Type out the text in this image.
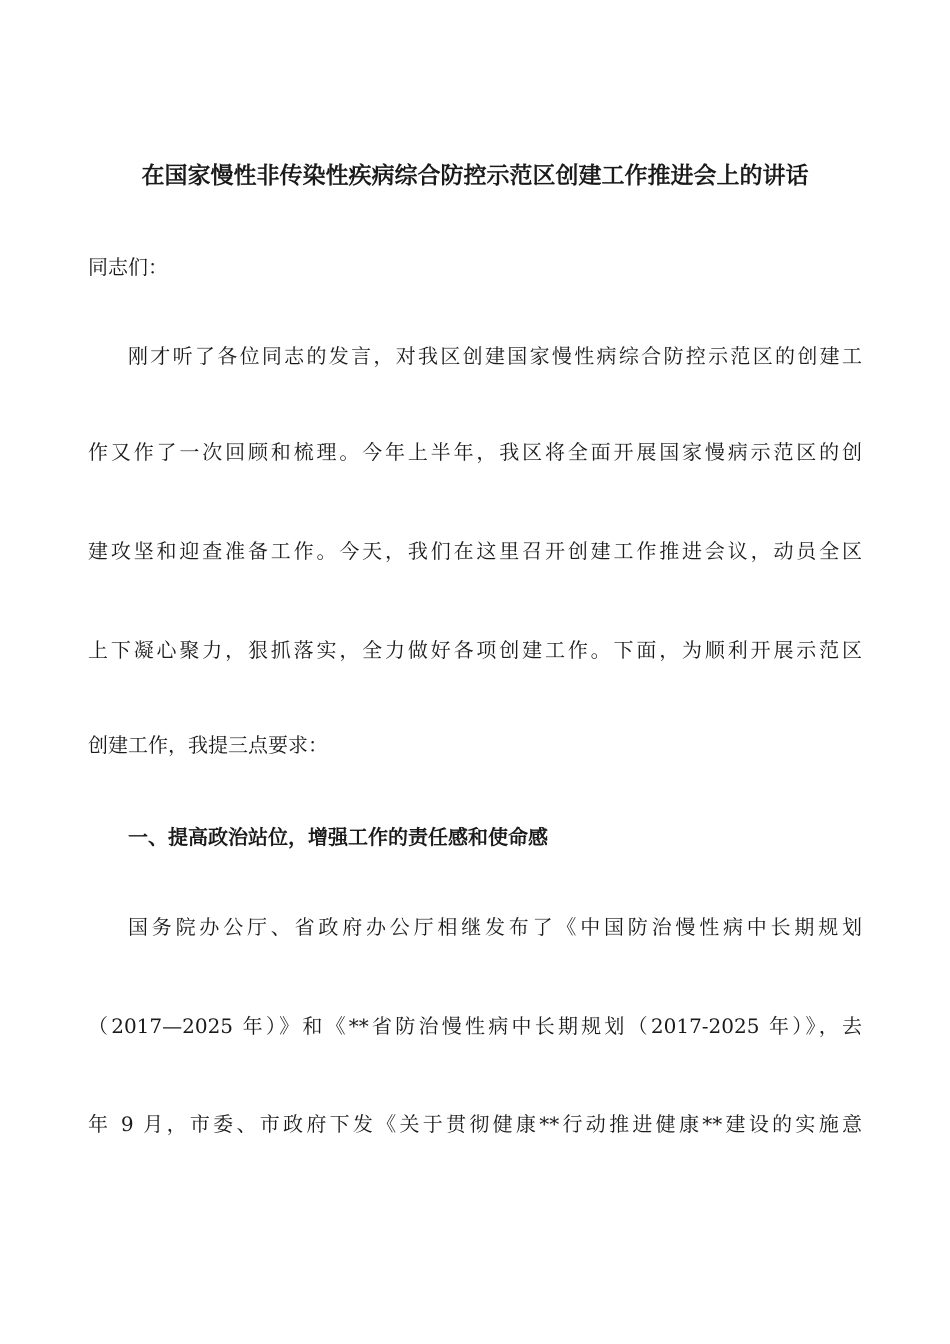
在国家慢性非传染性疾病综合防控示范区创建工作推进会上的讲话
同志们：
刚才听了各位同志的发言，对我区创建国家慢性病综合防控示范区的创建工
作又作了一次回顾和梳理。今年上半年，我区将全面开展国家慢病示范区的创
建攻坚和迎查准备工作。今天，我们在这里召开创建工作推进会议，动员全区
上下凝心聚力，狠抓落实，全力做好各项创建工作。下面，为顺利开展示范区
创建工作，我提三点要求：
一、提高政治站位，增强工作的责任感和使命感
国务院办公厅、省政府办公厅相继发布了《中国防治慢性病中长期规划
（2017—2025 年）》和《**省防治慢性病中长期规划（2017-2025 年）》，去
年 9 月，市委、市政府下发《关于贯彻健康**行动推进健康**建设的实施意
